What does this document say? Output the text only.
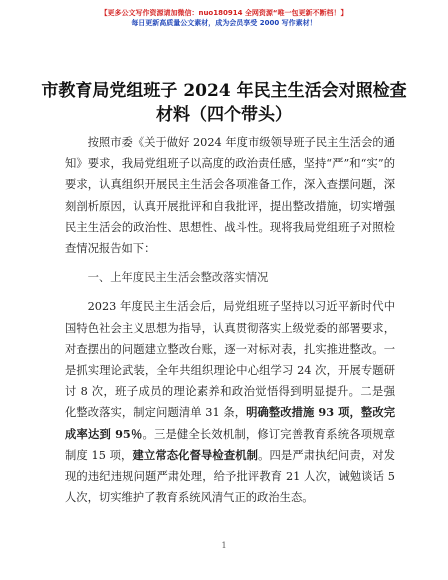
【更多公文写作资源请加微信：nuo180914 全网资源“唯一包更新不断档！】
每日更新高质量公文素材，成为会员享受 2000 写作素材！
市教育局党组班子 2024 年民主生活会对照检查
材料（四个带头）

按照市委《关于做好 2024 年度市级领导班子民主生活会的通知》要求，我局党组班子以高度的政治责任感，坚持“严”和“实”的要求，认真组织开展民主生活会各项准备工作，深入查摆问题，深刻剖析原因，认真开展批评和自我批评，提出整改措施，切实增强民主生活会的政治性、思想性、战斗性。现将我局党组班子对照检查情况报告如下：

一、上年度民主生活会整改落实情况

2023 年度民主生活会后，局党组班子坚持以习近平新时代中国特色社会主义思想为指导，认真贯彻落实上级党委的部署要求，对查摆出的问题建立整改台账，逐一对标对表，扎实推进整改。一是抓实理论武装，全年共组织理论中心组学习 24 次，开展专题研讨 8 次，班子成员的理论素养和政治觉悟得到明显提升。二是强化整改落实，制定问题清单 31 条，明确整改措施 93 项，整改完成率达到 95％。三是健全长效机制，修订完善教育系统各项规章制度 15 项，建立常态化督导检查机制。四是严肃执纪问责，对发现的违纪违规问题严肃处理，给予批评教育 21 人次，诫勉谈话 5 人次，切实维护了教育系统风清气正的政治生态。

1
